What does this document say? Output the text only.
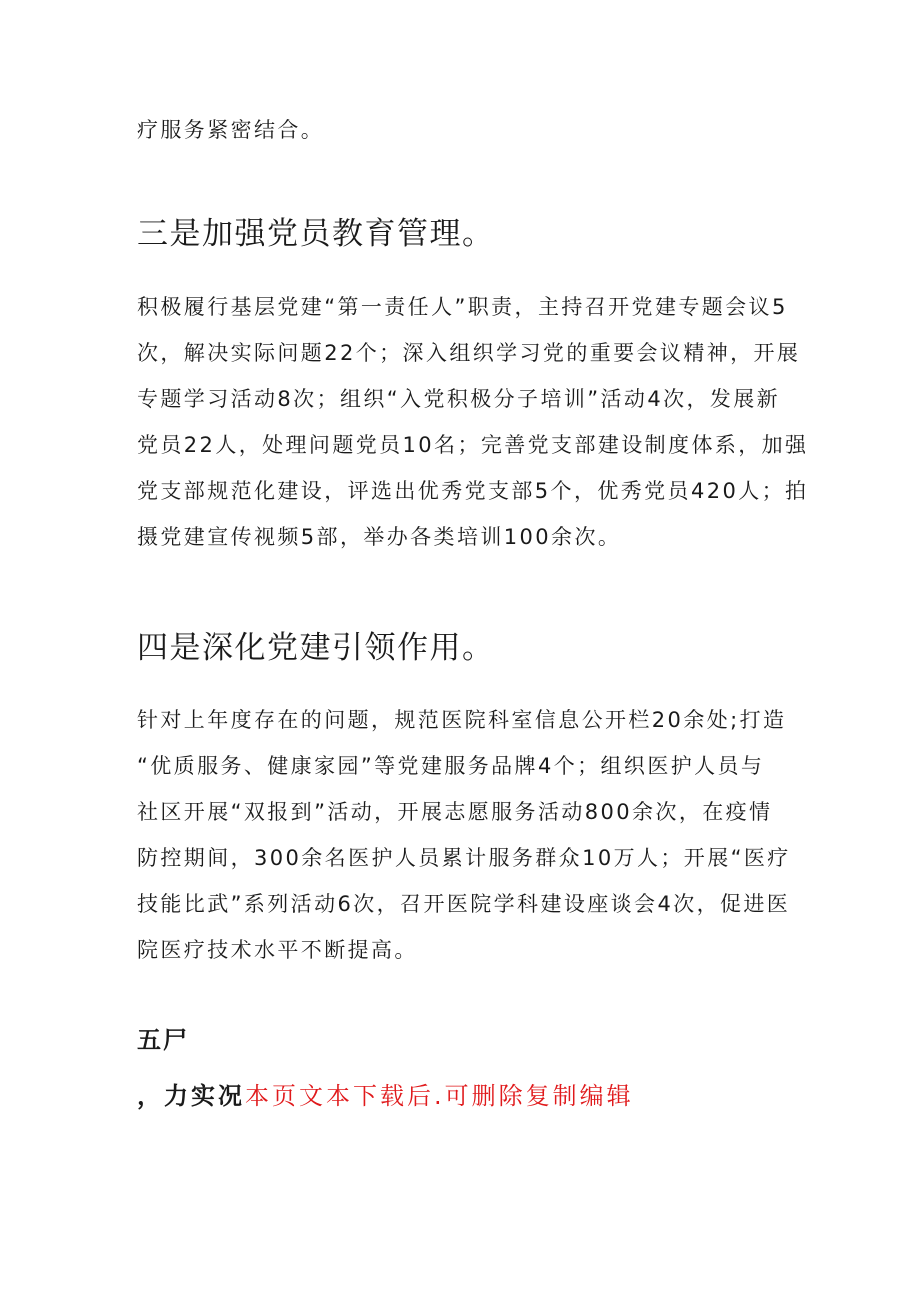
疗服务紧密结合。
三是加强党员教育管理。
积极履行基层党建“第一责任人”职责，主持召开党建专题会议5
次，解决实际问题22个；深入组织学习党的重要会议精神，开展
专题学习活动8次；组织“入党积极分子培训”活动4次，发展新
党员22人，处理问题党员10名；完善党支部建设制度体系，加强
党支部规范化建设，评选出优秀党支部5个，优秀党员420人；拍
摄党建宣传视频5部，举办各类培训100余次。
四是深化党建引领作用。
针对上年度存在的问题，规范医院科室信息公开栏20余处;打造
“优质服务、健康家园”等党建服务品牌4个；组织医护人员与
社区开展“双报到”活动，开展志愿服务活动800余次，在疫情
防控期间，300余名医护人员累计服务群众10万人；开展“医疗
技能比武”系列活动6次，召开医院学科建设座谈会4次，促进医
院医疗技术水平不断提高。
五尸
，力实况本页文本下载后.可删除复制编辑
